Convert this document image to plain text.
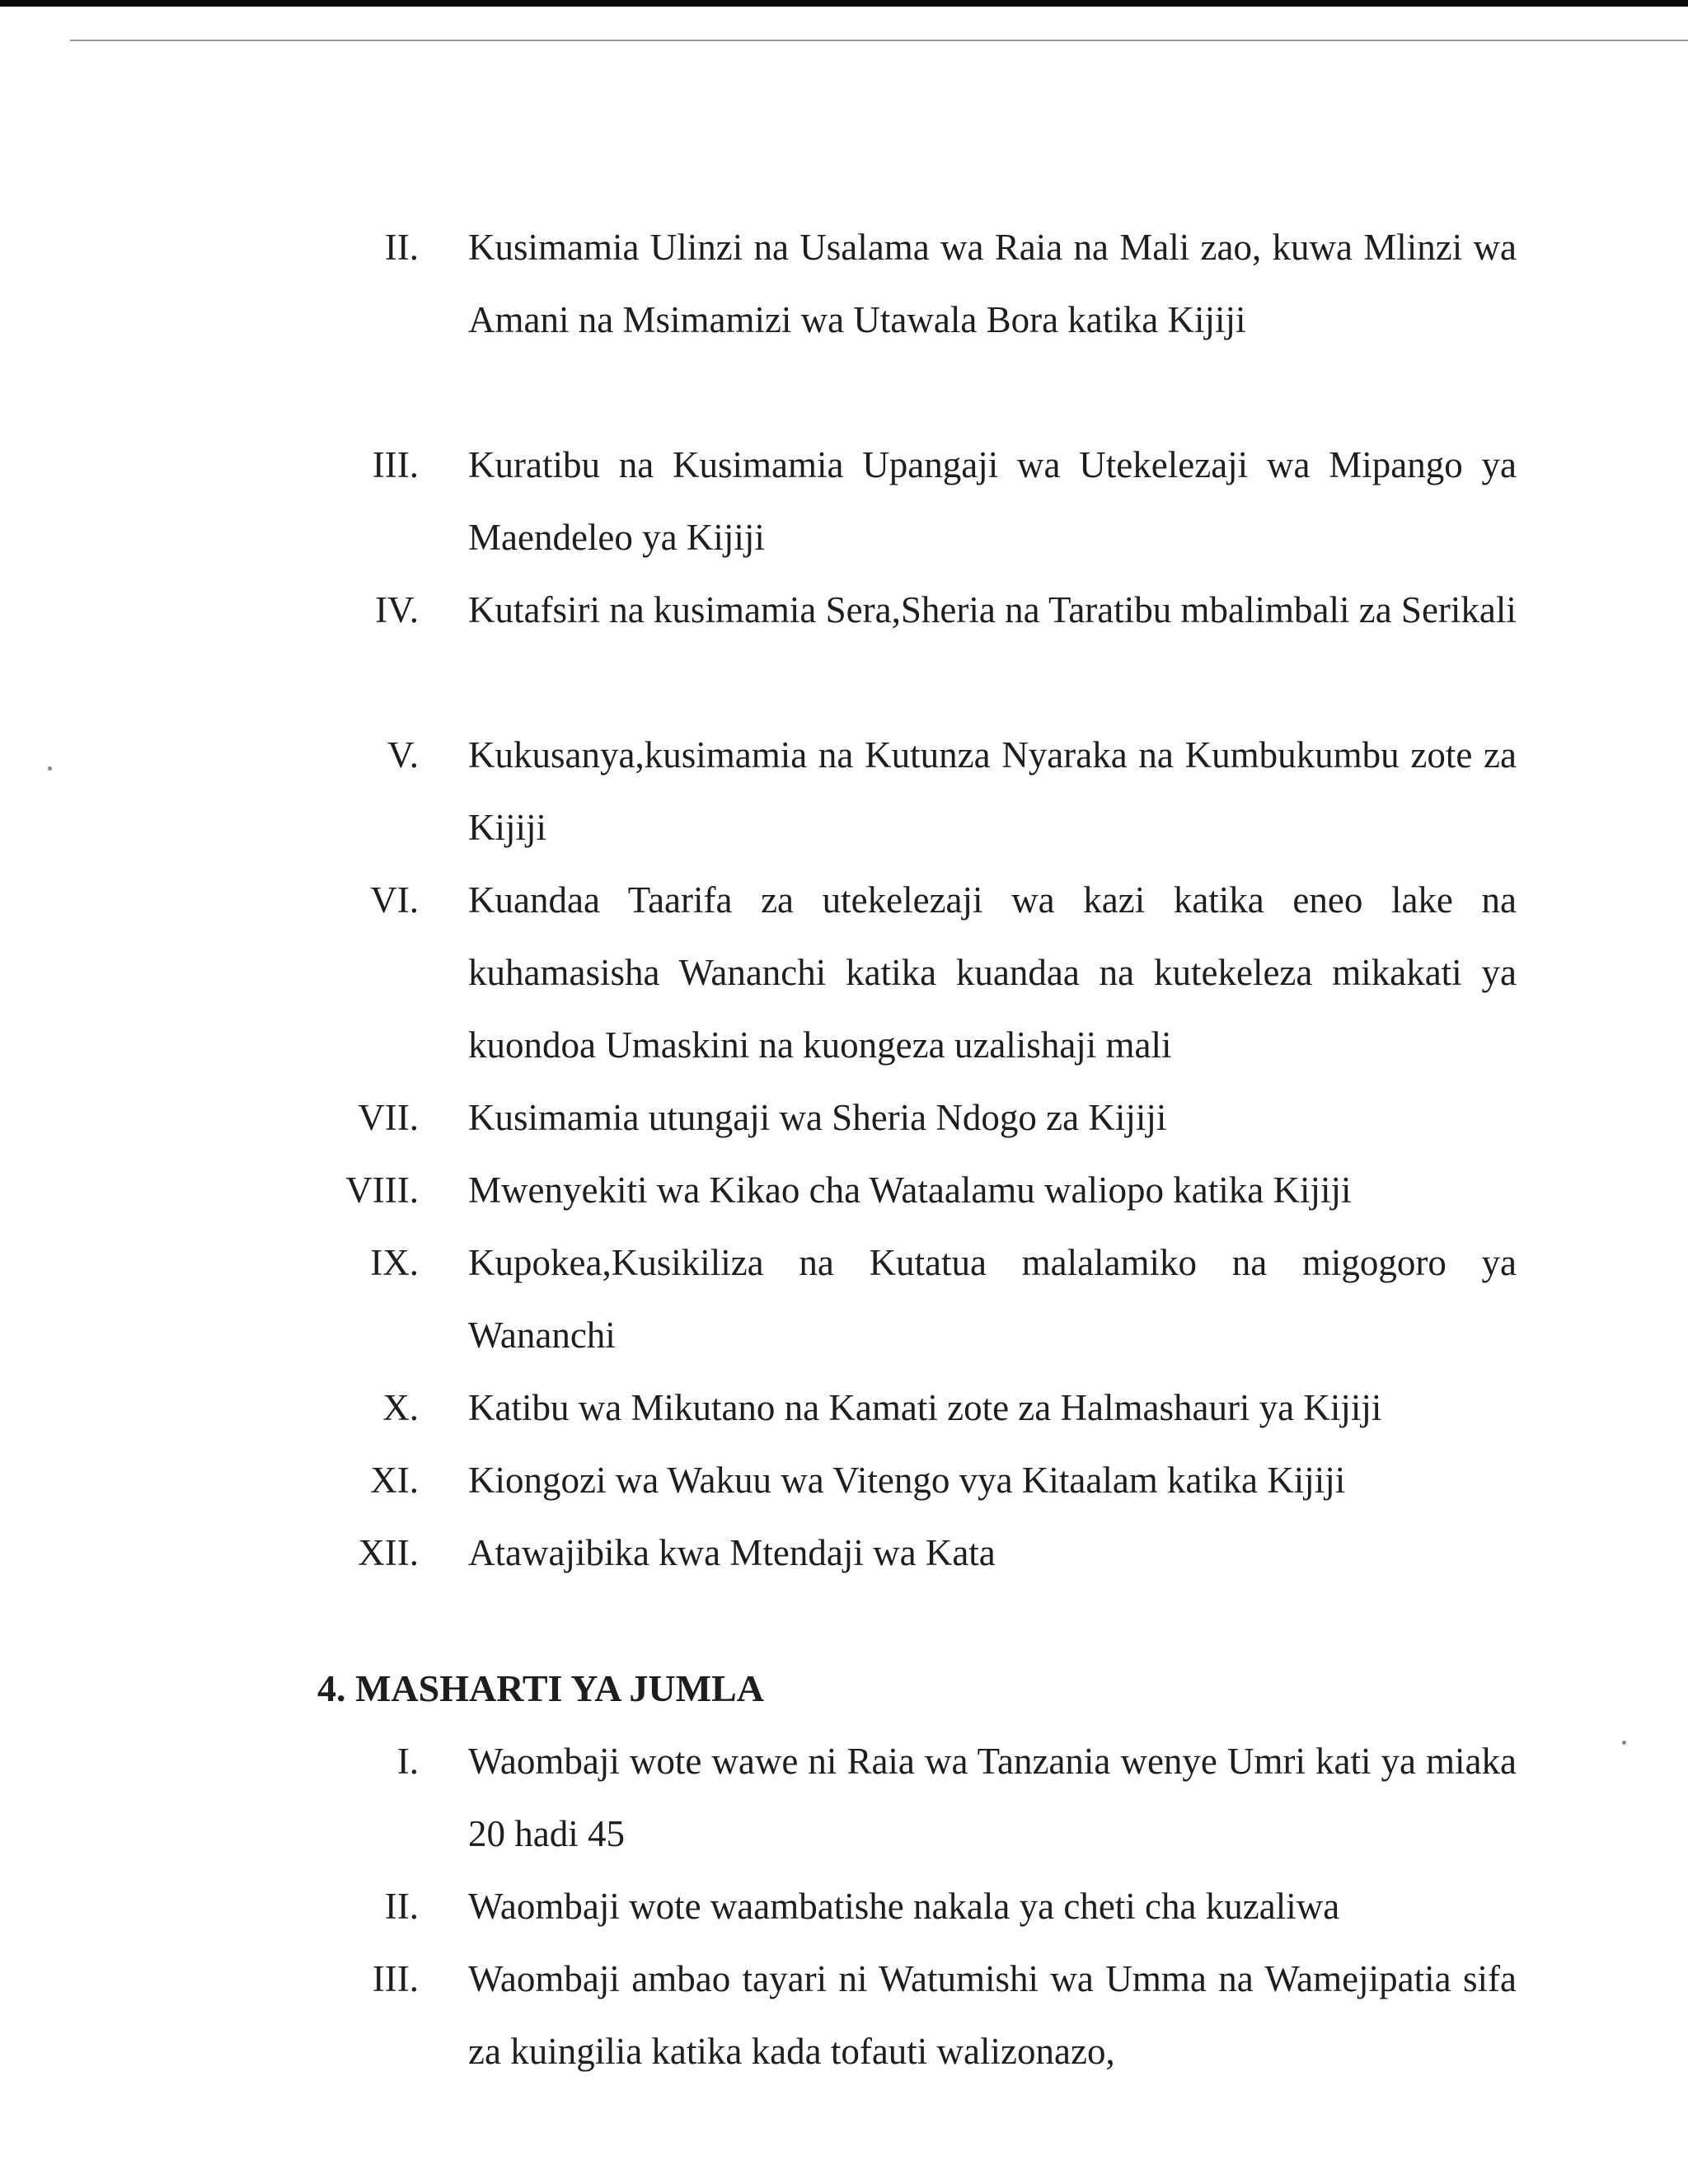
II. Kusimamia Ulinzi na Usalama wa Raia na Mali zao, kuwa Mlinzi wa Amani na Msimamizi wa Utawala Bora katika Kijiji
III. Kuratibu na Kusimamia Upangaji wa Utekelezaji wa Mipango ya Maendeleo ya Kijiji
IV. Kutafsiri na kusimamia Sera,Sheria na Taratibu mbalimbali za Serikali
V. Kukusanya,kusimamia na Kutunza Nyaraka na Kumbukumbu zote za Kijiji
VI. Kuandaa Taarifa za utekelezaji wa kazi katika eneo lake na kuhamasisha Wananchi katika kuandaa na kutekeleza mikakati ya kuondoa Umaskini na kuongeza uzalishaji mali
VII. Kusimamia utungaji wa Sheria Ndogo za Kijiji
VIII. Mwenyekiti wa Kikao cha Wataalamu waliopo katika Kijiji
IX. Kupokea,Kusikiliza na Kutatua malalamiko na migogoro ya Wananchi
X. Katibu wa Mikutano na Kamati zote za Halmashauri ya Kijiji
XI. Kiongozi wa Wakuu wa Vitengo vya Kitaalam katika Kijiji
XII. Atawajibika kwa Mtendaji wa Kata
4. MASHARTI YA JUMLA
I. Waombaji wote wawe ni Raia wa Tanzania wenye Umri kati ya miaka 20 hadi 45
II. Waombaji wote waambatishe nakala ya cheti cha kuzaliwa
III. Waombaji ambao tayari ni Watumishi wa Umma na Wamejipatia sifa za kuingilia katika kada tofauti walizonazo,
